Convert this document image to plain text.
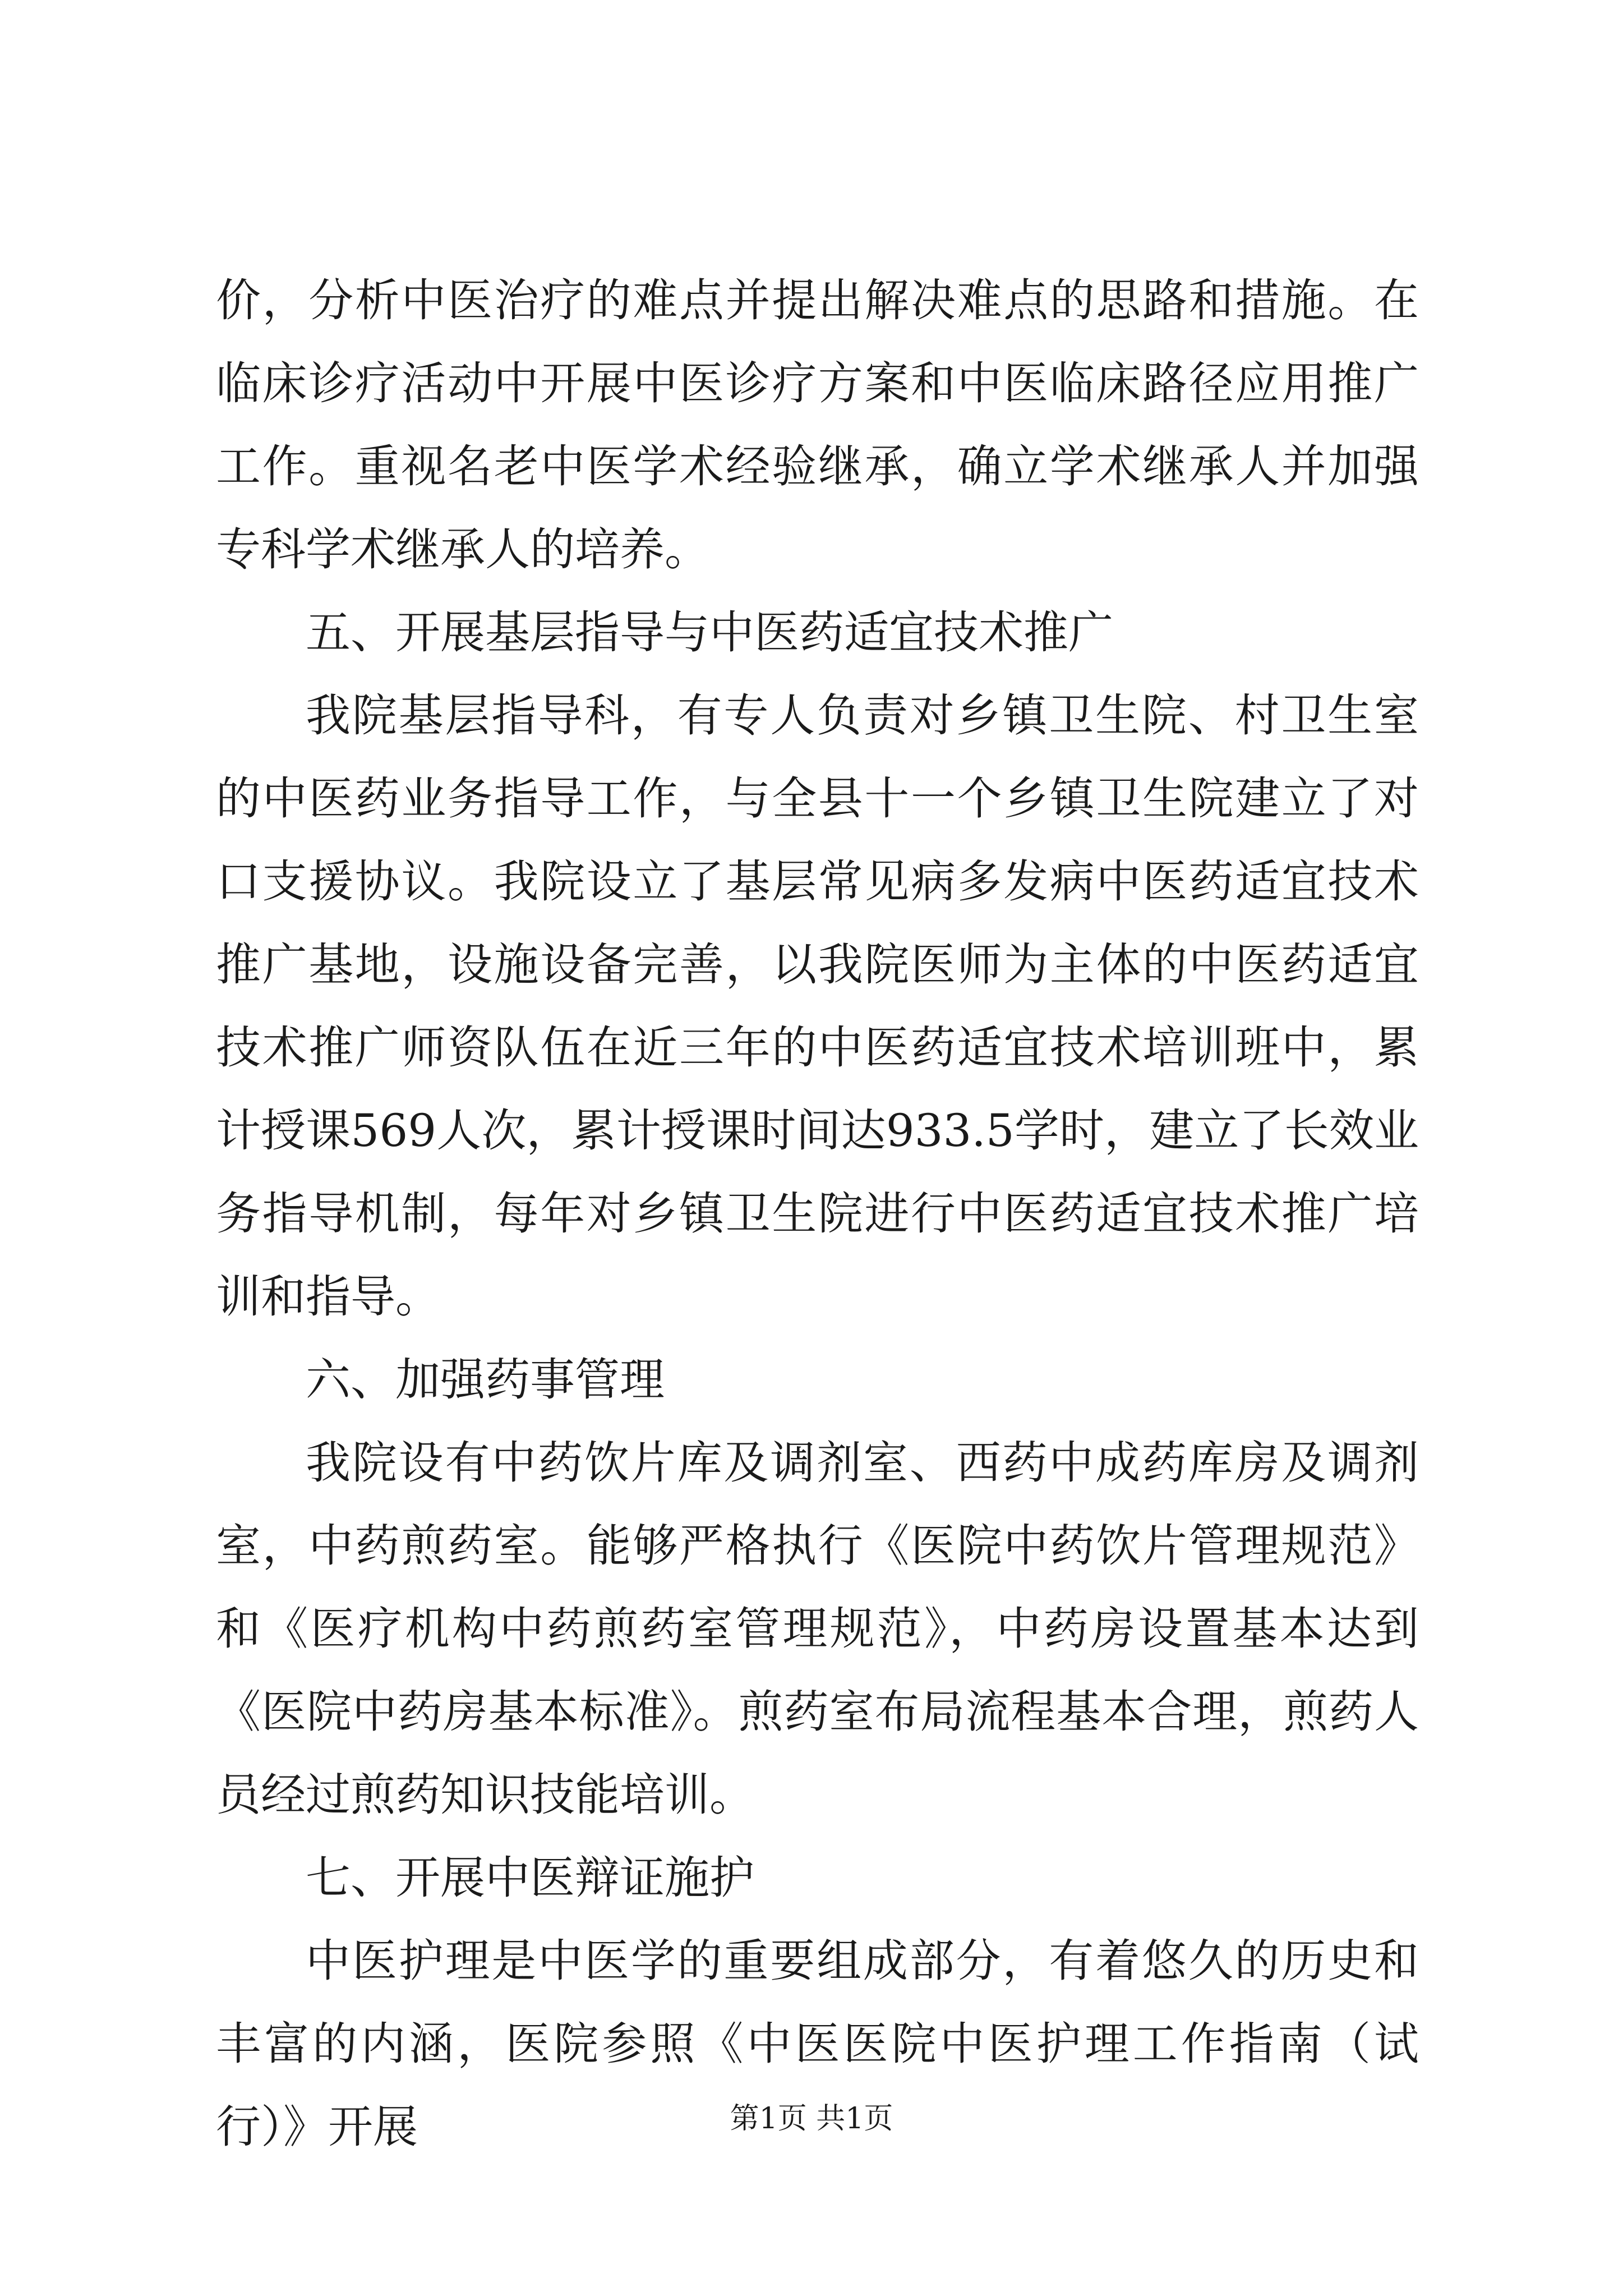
价，分析中医治疗的难点并提出解决难点的思路和措施。在临床诊疗活动中开展中医诊疗方案和中医临床路径应用推广工作。重视名老中医学术经验继承，确立学术继承人并加强专科学术继承人的培养。

五、开展基层指导与中医药适宜技术推广

我院基层指导科，有专人负责对乡镇卫生院、村卫生室的中医药业务指导工作，与全县十一个乡镇卫生院建立了对口支援协议。我院设立了基层常见病多发病中医药适宜技术推广基地，设施设备完善，以我院医师为主体的中医药适宜技术推广师资队伍在近三年的中医药适宜技术培训班中，累计授课569人次，累计授课时间达933.5学时，建立了长效业务指导机制，每年对乡镇卫生院进行中医药适宜技术推广培训和指导。

六、加强药事管理

我院设有中药饮片库及调剂室、西药中成药库房及调剂室，中药煎药室。能够严格执行《医院中药饮片管理规范》和《医疗机构中药煎药室管理规范》，中药房设置基本达到《医院中药房基本标准》。煎药室布局流程基本合理，煎药人员经过煎药知识技能培训。

七、开展中医辩证施护

中医护理是中医学的重要组成部分，有着悠久的历史和丰富的内涵，医院参照《中医医院中医护理工作指南（试行）》开展	第1页 共1页
